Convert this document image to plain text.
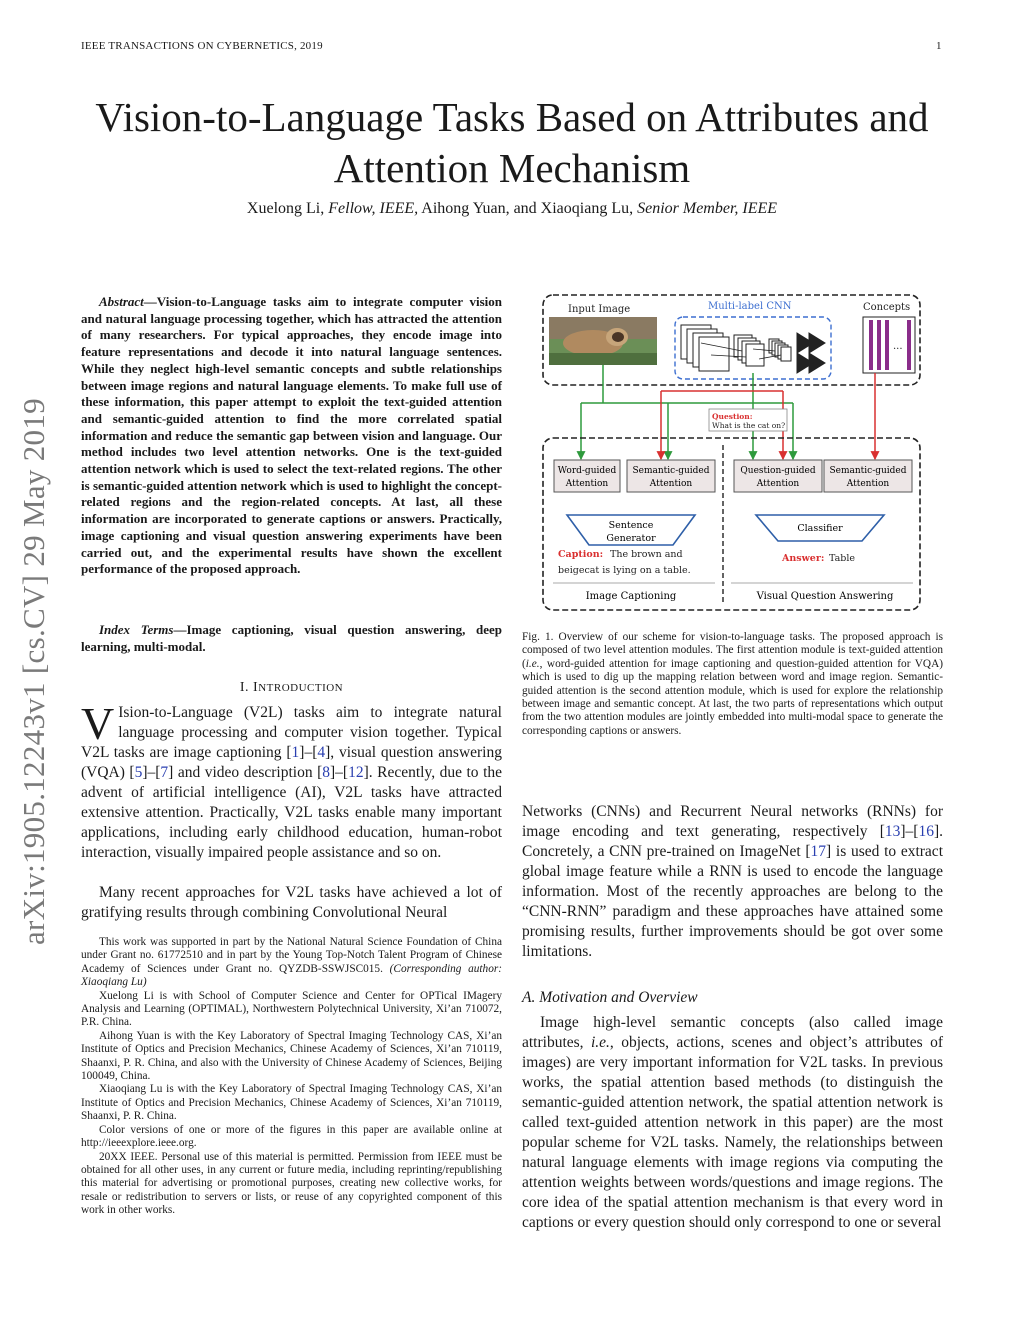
IEEE TRANSACTIONS ON CYBERNETICS, 2019	1
arXiv:1905.12243v1 [cs.CV] 29 May 2019
Vision-to-Language Tasks Based on Attributes and
Attention Mechanism
Xuelong Li, Fellow, IEEE, Aihong Yuan, and Xiaoqiang Lu, Senior Member, IEEE
Abstract—Vision-to-Language tasks aim to integrate computer vision and natural language processing together, which has attracted the attention of many researchers. For typical approaches, they encode image into feature representations and decode it into natural language sentences. While they neglect high-level semantic concepts and subtle relationships between image regions and natural language elements. To make full use of these information, this paper attempt to exploit the text-guided attention and semantic-guided attention to find the more correlated spatial information and reduce the semantic gap between vision and language. Our method includes two level attention networks. One is the text-guided attention network which is used to select the text-related regions. The other is semantic-guided attention network which is used to highlight the concept-related regions and the region-related concepts. At last, all these information are incorporated to generate captions or answers. Practically, image captioning and visual question answering experiments have been carried out, and the experimental results have shown the excellent performance of the proposed approach.
Index Terms—Image captioning, visual question answering, deep learning, multi-modal.
I. INTRODUCTION
V Ision-to-Language (V2L) tasks aim to integrate natural language processing and computer vision together. Typical V2L tasks are image captioning [1]–[4], visual question answering (VQA) [5]–[7] and video description [8]–[12]. Recently, due to the advent of artificial intelligence (AI), V2L tasks have attracted extensive attention. Practically, V2L tasks enable many important applications, including early childhood education, human-robot interaction, visually impaired people assistance and so on.
Many recent approaches for V2L tasks have achieved a lot of gratifying results through combining Convolutional Neural

This work was supported in part by the National Natural Science Foundation of China under Grant no. 61772510 and in part by the Young Top-Notch Talent Program of Chinese Academy of Sciences under Grant no. QYZDB-SSWJSC015. (Corresponding author: Xiaoqiang Lu)

Xuelong Li is with School of Computer Science and Center for OPTical IMagery Analysis and Learning (OPTIMAL), Northwestern Polytechnical University, Xi’an 710072, P.R. China.

Aihong Yuan is with the Key Laboratory of Spectral Imaging Technology CAS, Xi’an Institute of Optics and Precision Mechanics, Chinese Academy of Sciences, Xi’an 710119, Shaanxi, P. R. China, and also with the University of Chinese Academy of Sciences, Beijing 100049, China.

Xiaoqiang Lu is with the Key Laboratory of Spectral Imaging Technology CAS, Xi’an Institute of Optics and Precision Mechanics, Chinese Academy of Sciences, Xi’an 710119, Shaanxi, P. R. China.

Color versions of one or more of the figures in this paper are available online at http://ieeexplore.ieee.org.

20XX IEEE. Personal use of this material is permitted. Permission from IEEE must be obtained for all other uses, in any current or future media, including reprinting/republishing this material for advertising or promotional purposes, creating new collective works, for resale or redistribution to servers or lists, or reuse of any copyrighted component of this work in other works.

Input Image	Multi-label CNN	Concepts
...
Question:
What is the cat on?
Word-guided
Attention
Semantic-guided
Attention
Question-guided
Attention
Semantic-guided
Attention
Sentence
Generator
Classifier
Caption: The brown and
beigecat is lying on a table.
Answer: Table
Image Captioning	Visual Question Answering
Fig. 1. Overview of our scheme for vision-to-language tasks. The proposed approach is composed of two level attention modules. The first attention module is text-guided attention (i.e., word-guided attention for image captioning and question-guided attention for VQA) which is used to dig up the mapping relation between word and image region. Semantic-guided attention is the second attention module, which is used for explore the relationship between image and semantic concept. At last, the two parts of representations which output from the two attention modules are jointly embedded into multi-modal space to generate the corresponding captions or answers.
Networks (CNNs) and Recurrent Neural networks (RNNs) for image encoding and text generating, respectively [13]–[16]. Concretely, a CNN pre-trained on ImageNet [17] is used to extract global image feature while a RNN is used to encode the language information. Most of the recently approaches are belong to the “CNN-RNN” paradigm and these approaches have attained some promising results, further improvements should be got over some limitations.
A. Motivation and Overview
Image high-level semantic concepts (also called image attributes, i.e., objects, actions, scenes and object’s attributes of images) are very important information for V2L tasks. In previous works, the spatial attention based methods (to distinguish the semantic-guided attention network, the spatial attention network is called text-guided attention network in this paper) are the most popular scheme for V2L tasks. Namely, the relationships between natural language elements with image regions via computing the attention weights between words/questions and image regions. The core idea of the spatial attention mechanism is that every word in captions or every question should only correspond to one or several
